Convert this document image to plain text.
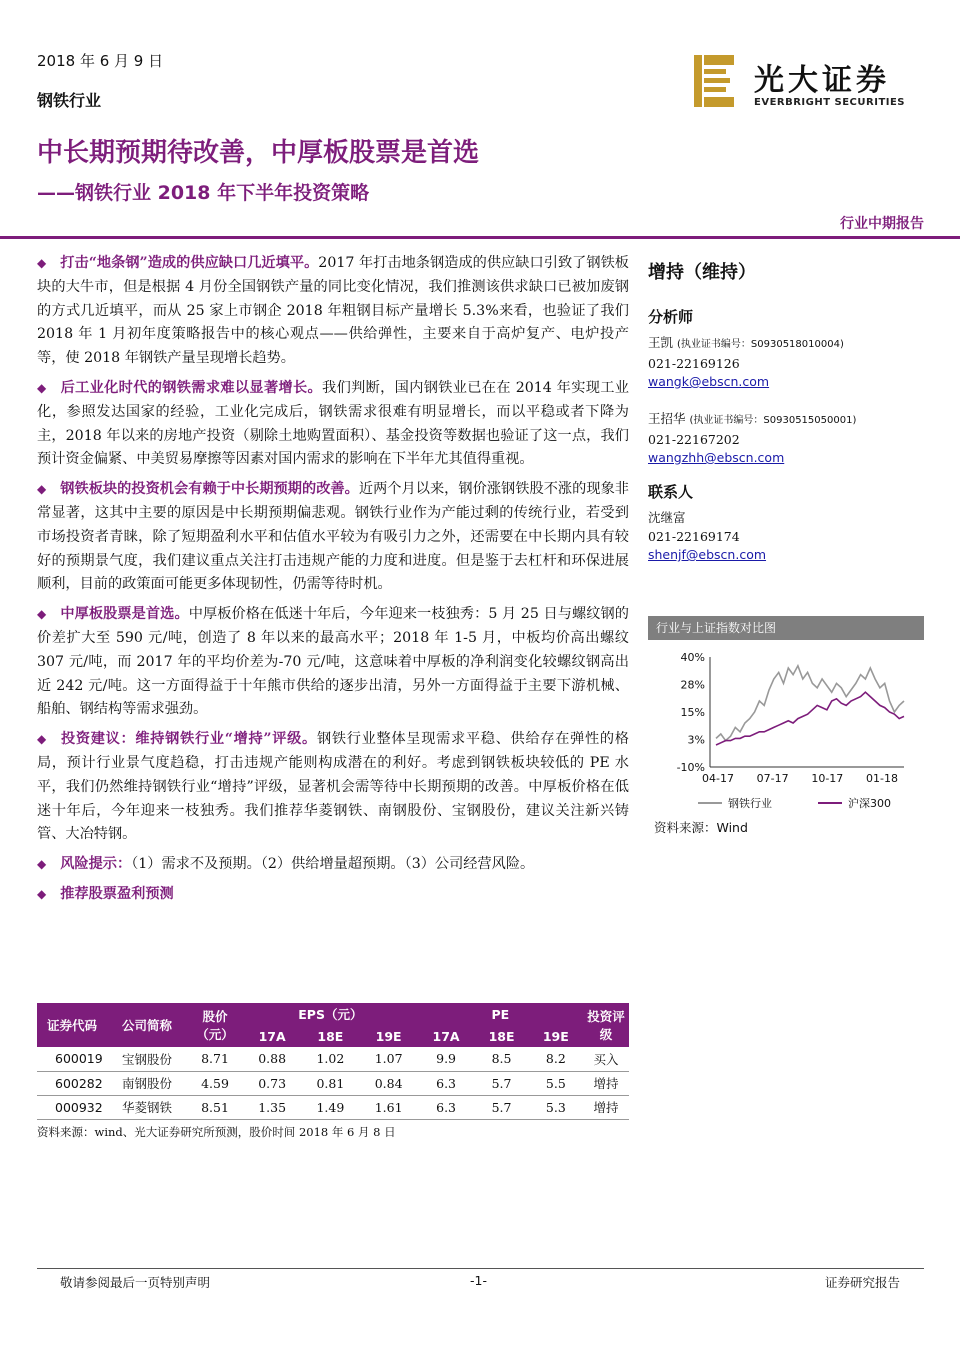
2018 年 6 月 9 日
钢铁行业
光大证券
EVERBRIGHT SECURITIES
中长期预期待改善，中厚板股票是首选
——钢铁行业 2018 年下半年投资策略
行业中期报告
◆ 打击“地条钢”造成的供应缺口几近填平。2017 年打击地条钢造成的供应缺口引致了钢铁板块的大牛市，但是根据 4 月份全国钢铁产量的同比变化情况，我们推测该供求缺口已被加废钢的方式几近填平，而从 25 家上市钢企 2018 年粗钢目标产量增长 5.3%来看，也验证了我们 2018 年 1 月初年度策略报告中的核心观点——供给弹性，主要来自于高炉复产、电炉投产等，使 2018 年钢铁产量呈现增长趋势。
◆ 后工业化时代的钢铁需求难以显著增长。我们判断，国内钢铁业已在在 2014 年实现工业化，参照发达国家的经验，工业化完成后，钢铁需求很难有明显增长，而以平稳或者下降为主，2018 年以来的房地产投资（剔除土地购置面积）、基金投资等数据也验证了这一点，我们预计资金偏紧、中美贸易摩擦等因素对国内需求的影响在下半年尤其值得重视。
◆ 钢铁板块的投资机会有赖于中长期预期的改善。近两个月以来，钢价涨钢铁股不涨的现象非常显著，这其中主要的原因是中长期预期偏悲观。钢铁行业作为产能过剩的传统行业，若受到市场投资者青睐，除了短期盈利水平和估值水平较为有吸引力之外，还需要在中长期内具有较好的预期景气度，我们建议重点关注打击违规产能的力度和进度。但是鉴于去杠杆和环保进展顺利，目前的政策面可能更多体现韧性，仍需等待时机。
◆ 中厚板股票是首选。中厚板价格在低迷十年后，今年迎来一枝独秀：5 月 25 日与螺纹钢的价差扩大至 590 元/吨，创造了 8 年以来的最高水平；2018 年 1-5 月，中板均价高出螺纹 307 元/吨，而 2017 年的平均价差为-70 元/吨，这意味着中厚板的净利润变化较螺纹钢高出近 242 元/吨。这一方面得益于十年熊市供给的逐步出清，另外一方面得益于主要下游机械、船舶、钢结构等需求强劲。
◆ 投资建议：维持钢铁行业“增持”评级。钢铁行业整体呈现需求平稳、供给存在弹性的格局，预计行业景气度趋稳，打击违规产能则构成潜在的利好。考虑到钢铁板块较低的 PE 水平，我们仍然维持钢铁行业“增持”评级，显著机会需等待中长期预期的改善。中厚板价格在低迷十年后，今年迎来一枝独秀。我们推荐华菱钢铁、南钢股份、宝钢股份，建议关注新兴铸管、大冶特钢。
◆ 风险提示：（1）需求不及预期。（2）供给增量超预期。（3）公司经营风险。
◆ 推荐股票盈利预测
增持（维持）
分析师
王凯 (执业证书编号：S0930518010004)
021-22169126
wangk@ebscn.com
王招华 (执业证书编号：S0930515050001)
021-22167202
wangzhh@ebscn.com
联系人
沈继富
021-22169174
shenjf@ebscn.com
行业与上证指数对比图
40%
28%
15%
3%
-10%
04-17 07-17 10-17 01-18
钢铁行业	沪深300
资料来源：Wind
证券代码	公司简称	股价（元）	EPS（元）			PE			投资评级
			17A	18E	19E	17A	18E	19E	
600019	宝钢股份	8.71	0.88	1.02	1.07	9.9	8.5	8.2	买入
600282	南钢股份	4.59	0.73	0.81	0.84	6.3	5.7	5.5	增持
000932	华菱钢铁	8.51	1.35	1.49	1.61	6.3	5.7	5.3	增持
资料来源：wind、光大证券研究所预测，股价时间 2018 年 6 月 8 日
敬请参阅最后一页特别声明	-1-	证券研究报告
